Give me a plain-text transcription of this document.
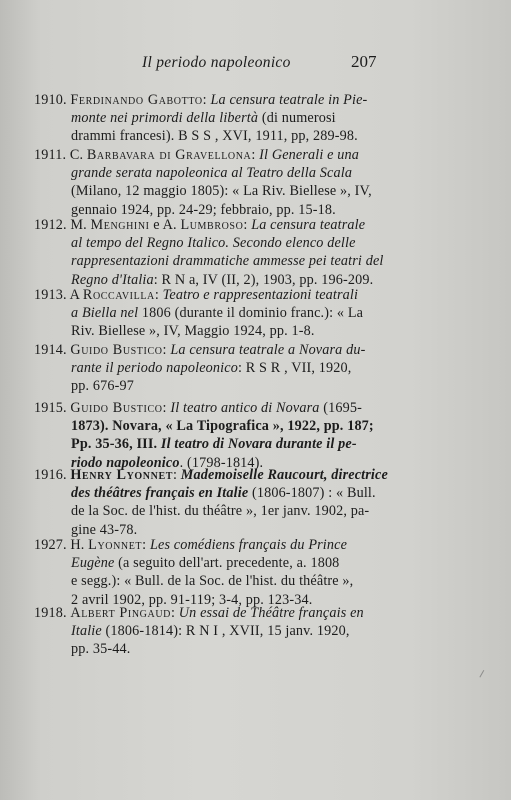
Il periodo napoleonico	207
1910. Ferdinando Gabotto: La censura teatrale in Pie-
monte nei primordi della libertà (di numerosi
drammi francesi). B S S , XVI, 1911, pp, 289-98.
1911. C. Barbavara di Gravellona: Il Generali e una
grande serata napoleonica al Teatro della Scala
(Milano, 12 maggio 1805): « La Riv. Biellese », IV,
gennaio 1924, pp. 24-29; febbraio, pp. 15-18.
1912. M. Menghini e A. Lumbroso: La censura teatrale
al tempo del Regno Italico. Secondo elenco delle
rappresentazioni drammatiche ammesse pei teatri del
Regno d'Italia: R N a, IV (II, 2), 1903, pp. 196-209.
1913. A Roccavilla: Teatro e rappresentazioni teatrali
a Biella nel 1806 (durante il dominio franc.): « La
Riv. Biellese », IV, Maggio 1924, pp. 1-8.
1914. Guido Bustico: La censura teatrale a Novara du-
rante il periodo napoleonico: R S R , VII, 1920,
pp. 676-97
1915. Guido Bustico: Il teatro antico di Novara (1695-
1873). Novara, « La Tipografica », 1922, pp. 187;
Pp. 35-36, III. Il teatro di Novara durante il pe-
riodo napoleonico. (1798-1814).
1916. Henry Lyonnet: Mademoiselle Raucourt, directrice
des théâtres français en Italie (1806-1807) : « Bull.
de la Soc. de l'hist. du théâtre », 1er janv. 1902, pa-
gine 43-78.
1927. H. Lyonnet: Les comédiens français du Prince
Eugène (a seguito dell'art. precedente, a. 1808
e segg.): « Bull. de la Soc. de l'hist. du théâtre »,
2 avril 1902, pp. 91-119; 3-4, pp. 123-34.
1918. Albert Pingaud: Un essai de Théâtre français en
Italie (1806-1814): R N I , XVII, 15 janv. 1920,
pp. 35-44.
